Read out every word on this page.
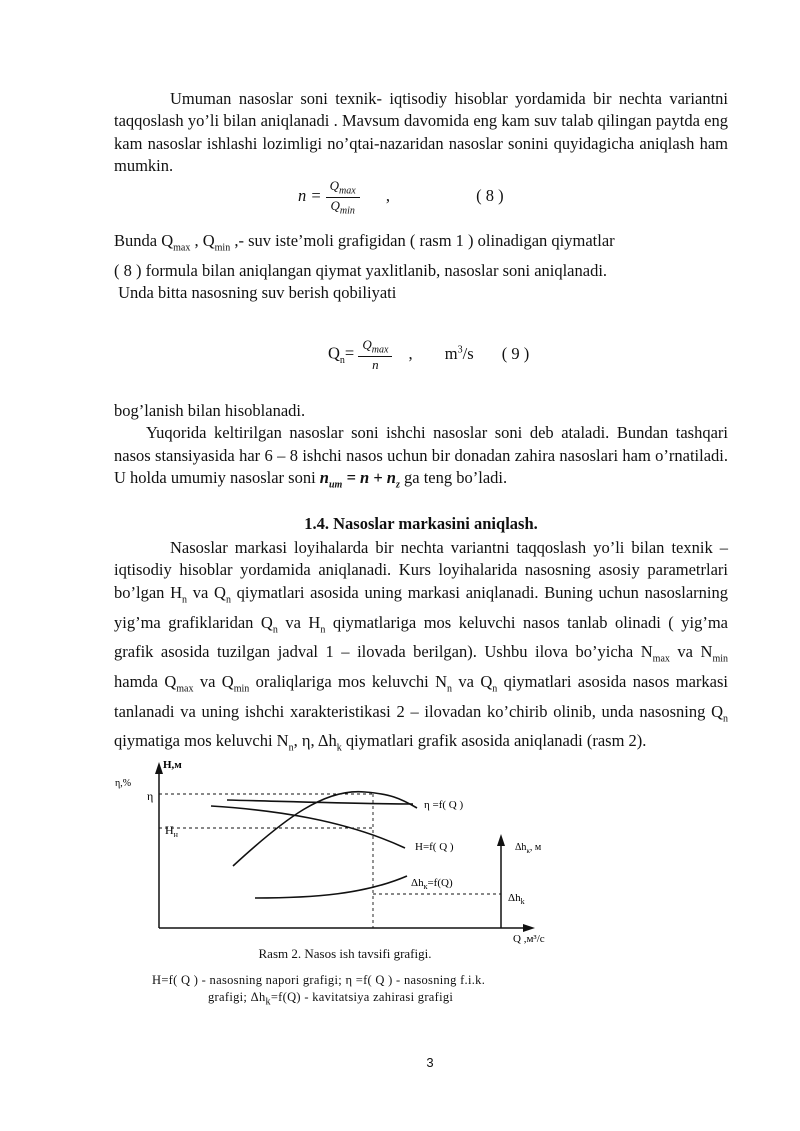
Umuman nasoslar soni texnik- iqtisodiy hisoblar yordamida bir nechta variantni taqqoslash yo’li bilan aniqlanadi . Mavsum davomida eng kam suv talab qilingan paytda eng kam nasoslar ishlashi lozimligi no’qtai-nazaridan nasoslar sonini quyidagicha aniqlash ham mumkin.

$n = \frac{Q_{max}}{Q_{min}}$ ,	( 8 )

Bunda $Q_{max}$ , $Q_{min}$ ,- suv iste’moli grafigidan ( rasm 1 ) olinadigan qiymatlar
( 8 ) formula bilan aniqlangan qiymat yaxlitlanib, nasoslar soni aniqlanadi.
Unda bitta nasosning suv berish qobiliyati

$Q_n= \frac{Q_{max}}{n}$ , $m^3/s$ ( 9 )

bog’lanish bilan hisoblanadi.
Yuqorida keltirilgan nasoslar soni ishchi nasoslar soni deb ataladi. Bundan tashqari nasos stansiyasida har 6 – 8 ishchi nasos uchun bir donadan zahira nasoslari ham o’rnatiladi. U holda umumiy nasoslar soni $n_{um} = n + n_z$ ga teng bo’ladi.

1.4. Nasoslar markasini aniqlash.

Nasoslar markasi loyihalarda bir nechta variantni taqqoslash yo’li bilan texnik – iqtisodiy hisoblar yordamida aniqlanadi. Kurs loyihalarida nasosning asosiy parametrlari bo’lgan $H_n$ va $Q_n$ qiymatlari asosida uning markasi aniqlanadi. Buning uchun nasoslarning yig’ma grafiklaridan $Q_n$ va $H_n$ qiymatlariga mos keluvchi nasos tanlab olinadi ( yig’ma grafik asosida tuzilgan jadval 1 – ilovada berilgan). Ushbu ilova bo’yicha $N_{max}$ va $N_{min}$ hamda $Q_{max}$ va $Q_{min}$ oraliqlariga mos keluvchi $N_n$ va $Q_n$ qiymatlari asosida nasos markasi tanlanadi va uning ishchi xarakteristikasi 2 – ilovadan ko’chirib olinib, unda nasosning $Q_n$ qiymatiga mos keluvchi $N_n$, η, $\Delta h_k$ qiymatlari grafik asosida aniqlanadi (rasm 2).

H,м
η,%
η
$H_н$
η =f( Q )
H=f( Q )
$\Delta h_к=f(Q)$
$\Delta h_к$, м
$\Delta h_k$
Q ,м³/с
Rasm 2. Nasos ish tavsifi grafigi.
H=f( Q ) - nasosning napori grafigi; η =f( Q ) - nasosning f.i.k.
grafigi; $\Delta h_k=f(Q)$ - kavitatsiya zahirasi grafigi
3
